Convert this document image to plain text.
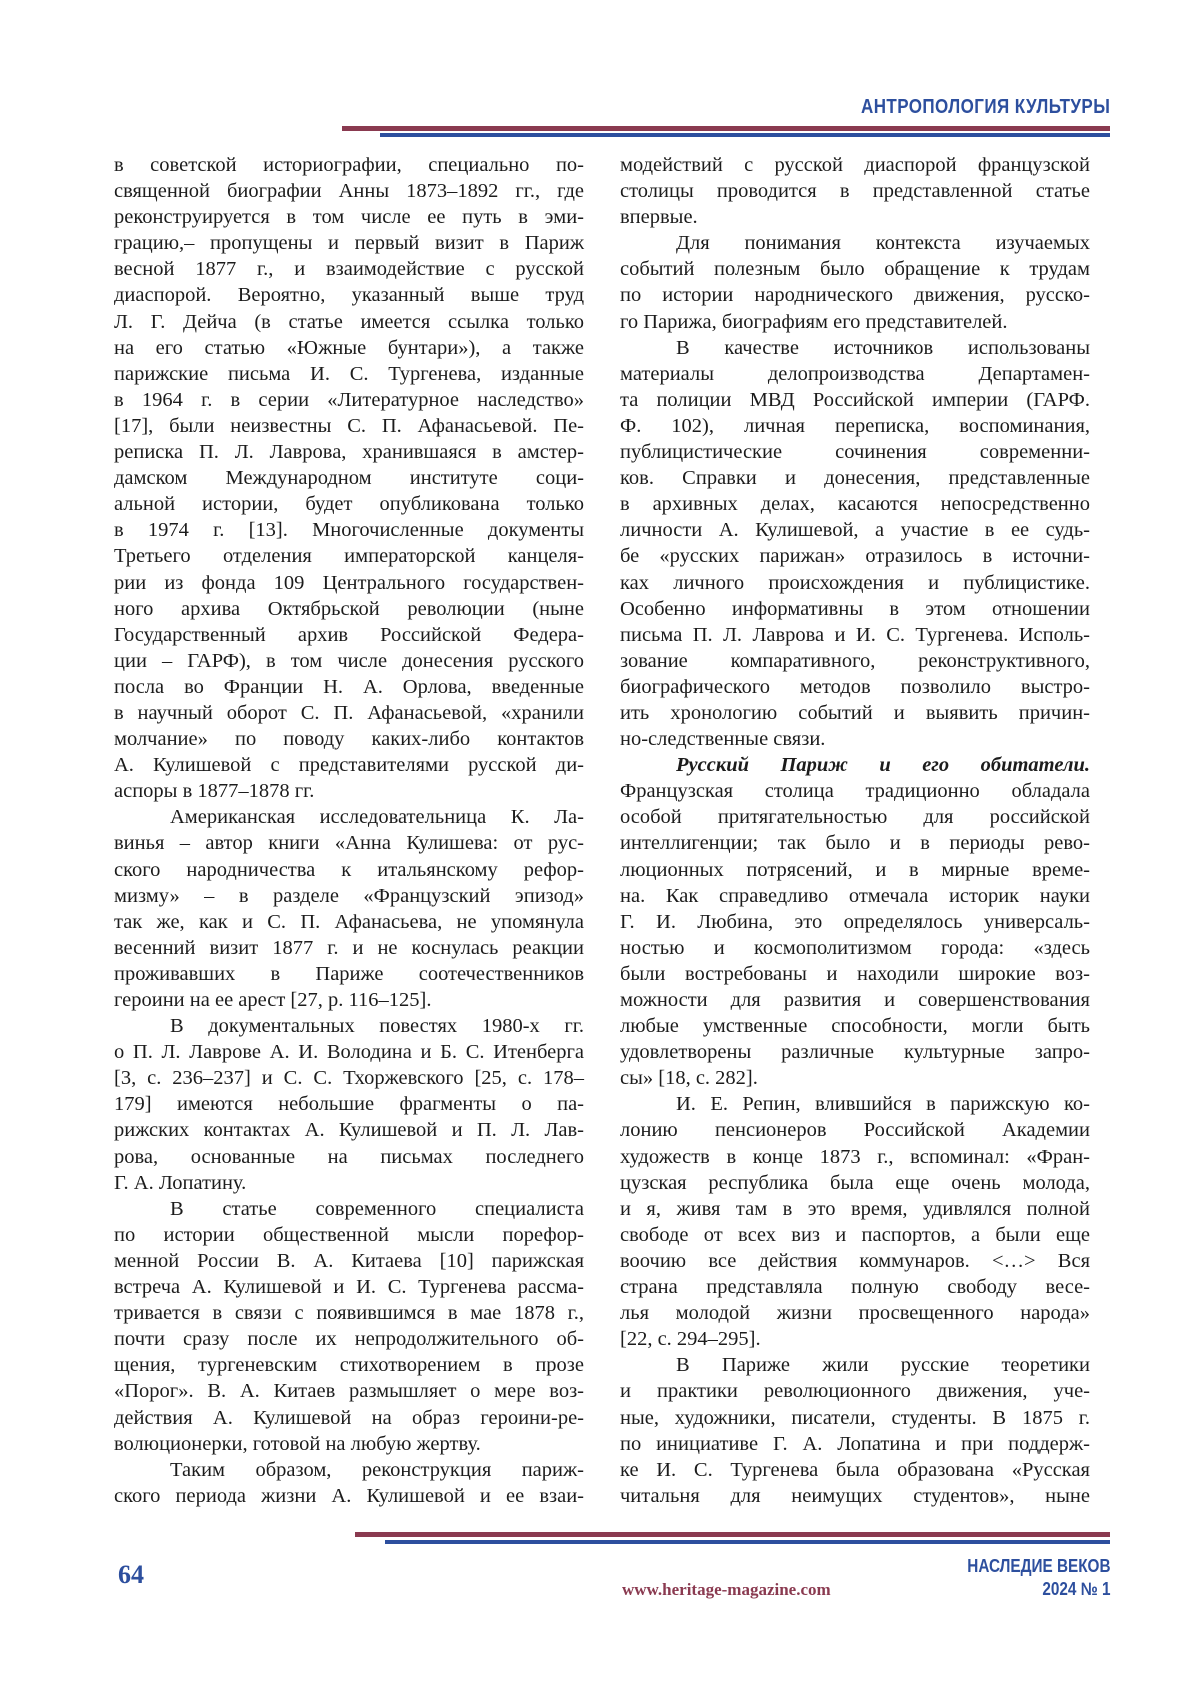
АНТРОПОЛОГИЯ КУЛЬТУРЫ
в советской историографии, специально по-
священной биографии Анны 1873–1892 гг., где
реконструируется в том числе ее путь в эми-
грацию,– пропущены и первый визит в Париж
весной 1877 г., и взаимодействие с русской
диаспорой. Вероятно, указанный выше труд
Л. Г. Дейча (в статье имеется ссылка только
на его статью «Южные бунтари»), а также
парижские письма И. С. Тургенева, изданные
в 1964 г. в серии «Литературное наследство»
[17], были неизвестны С. П. Афанасьевой. Пе-
реписка П. Л. Лаврова, хранившаяся в амстер-
дамском Международном институте соци-
альной истории, будет опубликована только
в 1974 г. [13]. Многочисленные документы
Третьего отделения императорской канцеля-
рии из фонда 109 Центрального государствен-
ного архива Октябрьской революции (ныне
Государственный архив Российской Федера-
ции – ГАРФ), в том числе донесения русского
посла во Франции Н. А. Орлова, введенные
в научный оборот С. П. Афанасьевой, «хранили
молчание» по поводу каких-либо контактов
А. Кулишевой с представителями русской ди-
аспоры в 1877–1878 гг.
Американская исследовательница К. Ла-
винья – автор книги «Анна Кулишева: от рус-
ского народничества к итальянскому рефор-
мизму» – в разделе «Французский эпизод»
так же, как и С. П. Афанасьева, не упомянула
весенний визит 1877 г. и не коснулась реакции
проживавших в Париже соотечественников
героини на ее арест [27, р. 116–125].
В документальных повестях 1980-х гг.
о П. Л. Лаврове А. И. Володина и Б. С. Итенберга
[3, с. 236–237] и С. С. Тхоржевского [25, с. 178–
179] имеются небольшие фрагменты о па-
рижских контактах А. Кулишевой и П. Л. Лав-
рова, основанные на письмах последнего
Г. А. Лопатину.
В статье современного специалиста
по истории общественной мысли порефор-
менной России В. А. Китаева [10] парижская
встреча А. Кулишевой и И. С. Тургенева рассма-
тривается в связи с появившимся в мае 1878 г.,
почти сразу после их непродолжительного об-
щения, тургеневским стихотворением в прозе
«Порог». В. А. Китаев размышляет о мере воз-
действия А. Кулишевой на образ героини-ре-
волюционерки, готовой на любую жертву.
Таким образом, реконструкция париж-
ского периода жизни А. Кулишевой и ее взаи-
модействий с русской диаспорой французской
столицы проводится в представленной статье
впервые.
Для понимания контекста изучаемых
событий полезным было обращение к трудам
по истории народнического движения, русско-
го Парижа, биографиям его представителей.
В качестве источников использованы
материалы делопроизводства Департамен-
та полиции МВД Российской империи (ГАРФ.
Ф. 102), личная переписка, воспоминания,
публицистические сочинения современни-
ков. Справки и донесения, представленные
в архивных делах, касаются непосредственно
личности А. Кулишевой, а участие в ее судь-
бе «русских парижан» отразилось в источни-
ках личного происхождения и публицистике.
Особенно информативны в этом отношении
письма П. Л. Лаврова и И. С. Тургенева. Исполь-
зование компаративного, реконструктивного,
биографического методов позволило выстро-
ить хронологию событий и выявить причин-
но-следственные связи.
Русский Париж и его обитатели.
Французская столица традиционно обладала
особой притягательностью для российской
интеллигенции; так было и в периоды рево-
люционных потрясений, и в мирные време-
на. Как справедливо отмечала историк науки
Г. И. Любина, это определялось универсаль-
ностью и космополитизмом города: «здесь
были востребованы и находили широкие воз-
можности для развития и совершенствования
любые умственные способности, могли быть
удовлетворены различные культурные запро-
сы» [18, с. 282].
И. Е. Репин, влившийся в парижскую ко-
лонию пенсионеров Российской Академии
художеств в конце 1873 г., вспоминал: «Фран-
цузская республика была еще очень молода,
и я, живя там в это время, удивлялся полной
свободе от всех виз и паспортов, а были еще
воочию все действия коммунаров. <…> Вся
страна представляла полную свободу весе-
лья молодой жизни просвещенного народа»
[22, с. 294–295].
В Париже жили русские теоретики
и практики революционного движения, уче-
ные, художники, писатели, студенты. В 1875 г.
по инициативе Г. А. Лопатина и при поддерж-
ке И. С. Тургенева была образована «Русская
читальня для неимущих студентов», ныне
64
www.heritage-magazine.com
НАСЛЕДИЕ ВЕКОВ
2024 № 1
